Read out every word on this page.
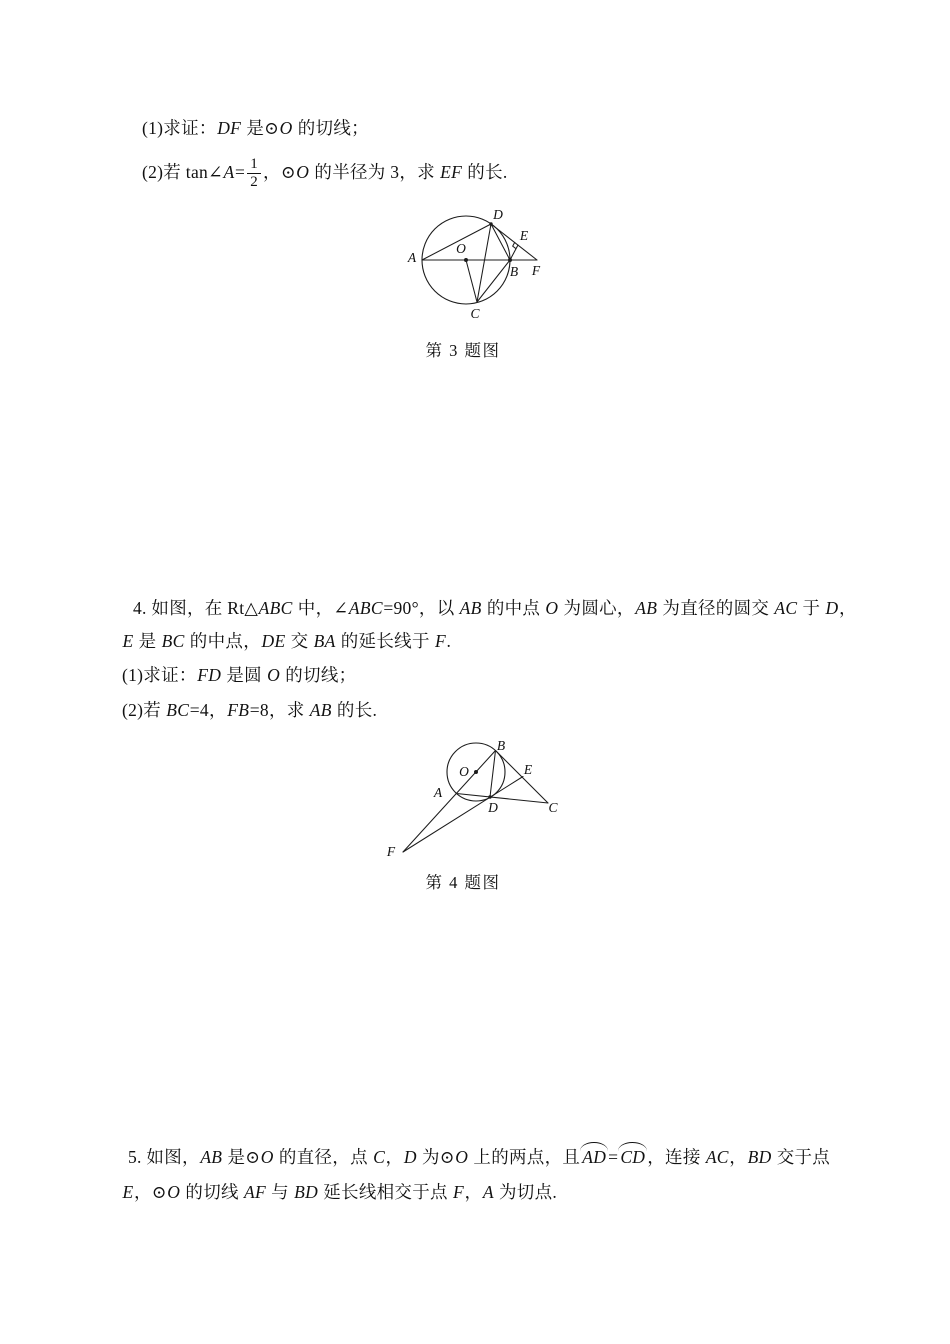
(1)求证：DF 是⊙O 的切线；
(2)若 tan∠A= $\frac{1}{2}$ ，⊙O 的半径为 3，求 EF 的长.
A
O
B F
D
E
C
第 3 题图
4. 如图，在 Rt△ABC 中，∠ABC=90°，以 AB 的中点 O 为圆心，AB 为直径的圆交 AC 于 D，
E 是 BC 的中点，DE 交 BA 的延长线于 F.
(1)求证：FD 是圆 O 的切线；
(2)若 BC=4，FB=8，求 AB 的长.
B
O	E
A
D	C
F
第 4 题图
5. 如图，AB 是⊙O 的直径，点 C，D 为⊙O 上的两点，且 AD = CD ，连接 AC，BD 交于点
E，⊙O 的切线 AF 与 BD 延长线相交于点 F，A 为切点.
